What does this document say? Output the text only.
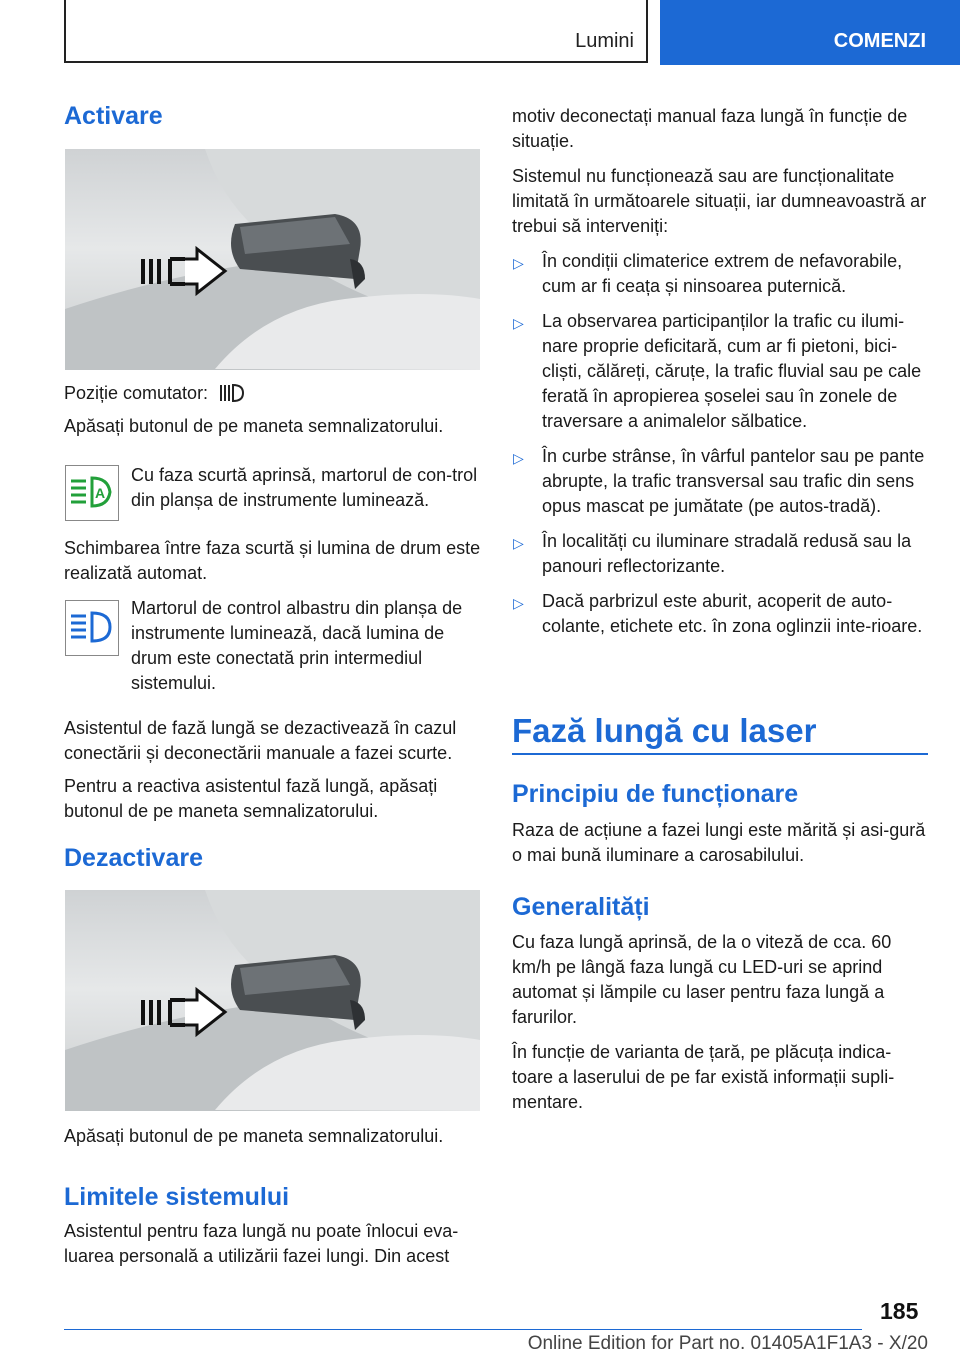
Lumini	COMENZI
Activare
Poziție comutator:
Apăsați butonul de pe maneta semnalizatorului.
A
Cu faza scurtă aprinsă, martorul de con-trol din planșa de instrumente luminează.
Schimbarea între faza scurtă și lumina de drum este realizată automat.
Martorul de control albastru din planșa de instrumente luminează, dacă lumina de drum este conectată prin intermediul sistemului.
Asistentul de fază lungă se dezactivează în cazul conectării și deconectării manuale a fazei scurte.
Pentru a reactiva asistentul fază lungă, apăsați butonul de pe maneta semnalizatorului.
Dezactivare
Apăsați butonul de pe maneta semnalizatorului.
Limitele sistemului
Asistentul pentru faza lungă nu poate înlocui eva-luarea personală a utilizării fazei lungi. Din acest

motiv deconectați manual faza lungă în funcție de situație.

Sistemul nu funcționează sau are funcționalitate limitată în următoarele situații, iar dumneavoastră ar trebui să interveniți:

▷ În condiții climaterice extrem de nefavorabile, cum ar fi ceața și ninsoarea puternică.
▷ La observarea participanților la trafic cu ilumi-nare proprie deficitară, cum ar fi pietoni, bici-cliști, călăreți, căruțe, la trafic fluvial sau pe cale ferată în apropierea șoselei sau în zonele de traversare a animalelor sălbatice.
▷ În curbe strânse, în vârful pantelor sau pe pante abrupte, la trafic transversal sau trafic din sens opus mascat pe jumătate (pe autos-tradă).
▷ În localități cu iluminare stradală redusă sau la panouri reflectorizante.
▷ Dacă parbrizul este aburit, acoperit de auto-colante, etichete etc. în zona oglinzii inte-rioare.
Fază lungă cu laser
Principiu de funcționare
Raza de acțiune a fazei lungi este mărită și asi-gură o mai bună iluminare a carosabilului.
Generalități

Cu faza lungă aprinsă, de la o viteză de cca. 60 km/h pe lângă faza lungă cu LED-uri se aprind automat și lămpile cu laser pentru faza lungă a farurilor.

În funcție de varianta de țară, pe plăcuța indica-toare a laserului de pe far există informații supli-mentare.

185
Online Edition for Part no. 01405A1F1A3 - X/20
